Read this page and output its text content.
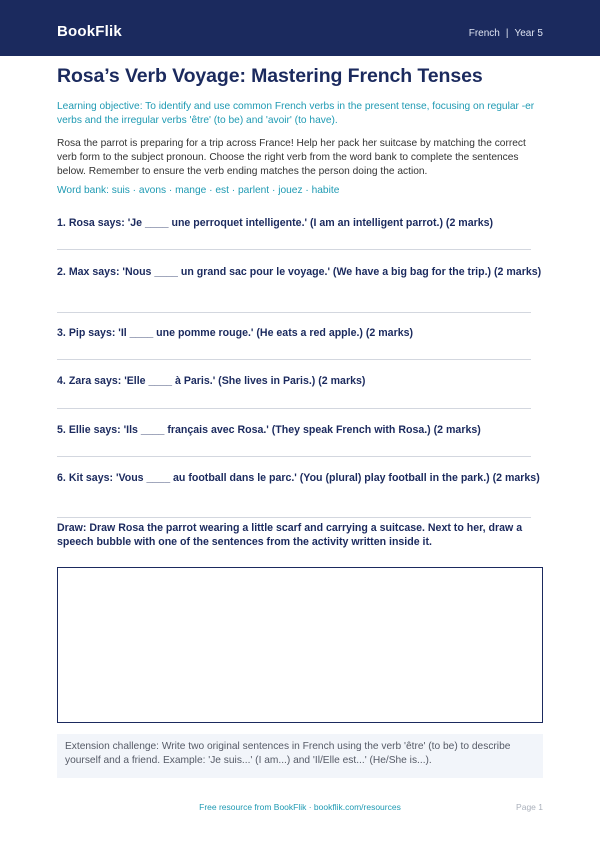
BookFlik	French | Year 5
Rosa’s Verb Voyage: Mastering French Tenses

Learning objective: To identify and use common French verbs in the present tense, focusing on regular -er verbs and the irregular verbs 'être' (to be) and 'avoir' (to have).

Rosa the parrot is preparing for a trip across France! Help her pack her suitcase by matching the correct verb form to the subject pronoun. Choose the right verb from the word bank to complete the sentences below. Remember to ensure the verb ending matches the person doing the action.

Word bank: suis · avons · mange · est · parlent · jouez · habite

1. Rosa says: 'Je ____ une perroquet intelligente.' (I am an intelligent parrot.) (2 marks)
2. Max says: 'Nous ____ un grand sac pour le voyage.' (We have a big bag for the trip.) (2 marks)
3. Pip says: 'Il ____ une pomme rouge.' (He eats a red apple.) (2 marks)
4. Zara says: 'Elle ____ à Paris.' (She lives in Paris.) (2 marks)
5. Ellie says: 'Ils ____ français avec Rosa.' (They speak French with Rosa.) (2 marks)
6. Kit says: 'Vous ____ au football dans le parc.' (You (plural) play football in the park.) (2 marks)

Draw: Draw Rosa the parrot wearing a little scarf and carrying a suitcase. Next to her, draw a speech bubble with one of the sentences from the activity written inside it.

Extension challenge: Write two original sentences in French using the verb 'être' (to be) to describe yourself and a friend. Example: 'Je suis...' (I am...) and 'Il/Elle est...' (He/She is...).
Free resource from BookFlik · bookflik.com/resources	Page 1
